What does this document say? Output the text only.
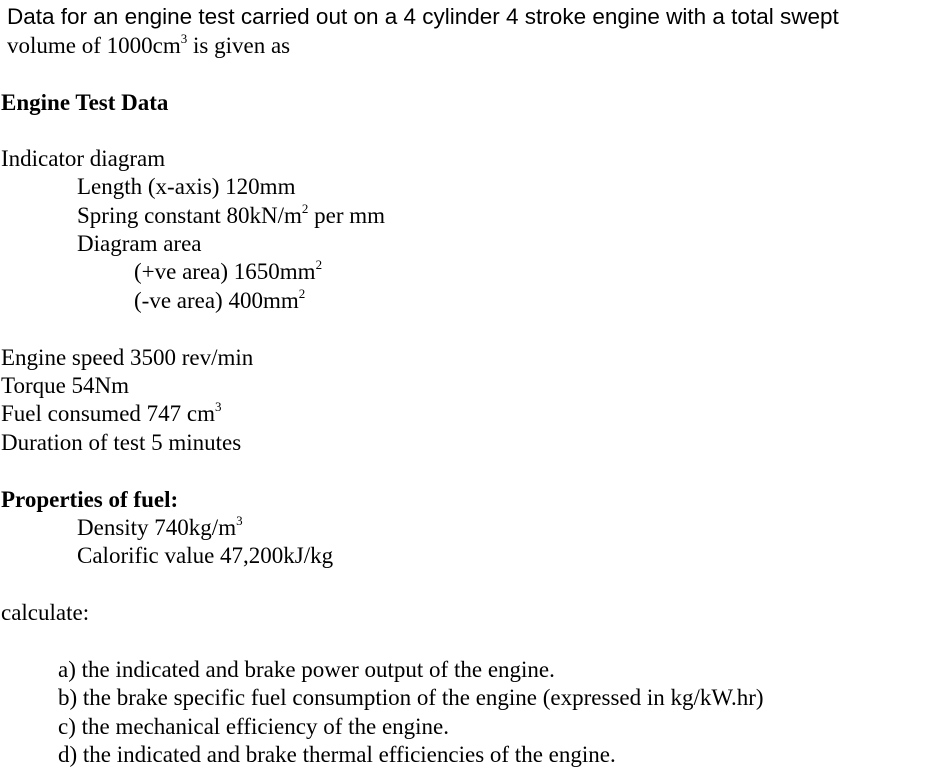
Data for an engine test carried out on a 4 cylinder 4 stroke engine with a total swept

volume of $1000cm^3$ is given as

Engine Test Data

Indicator diagram

Length (x-axis) 120mm

Spring constant $80kN/m^2$ per mm

Diagram area

(+ve area) $1650mm^2$

(-ve area) $400mm^2$

Engine speed 3500 rev/min

Torque 54Nm

Fuel consumed 747 $cm^3$

Duration of test 5 minutes

Properties of fuel:

Density $740kg/m^3$

Calorific value 47,200kJ/kg

calculate:

a) the indicated and brake power output of the engine.

b) the brake specific fuel consumption of the engine (expressed in kg/kW.hr)

c) the mechanical efficiency of the engine.

d) the indicated and brake thermal efficiencies of the engine.
